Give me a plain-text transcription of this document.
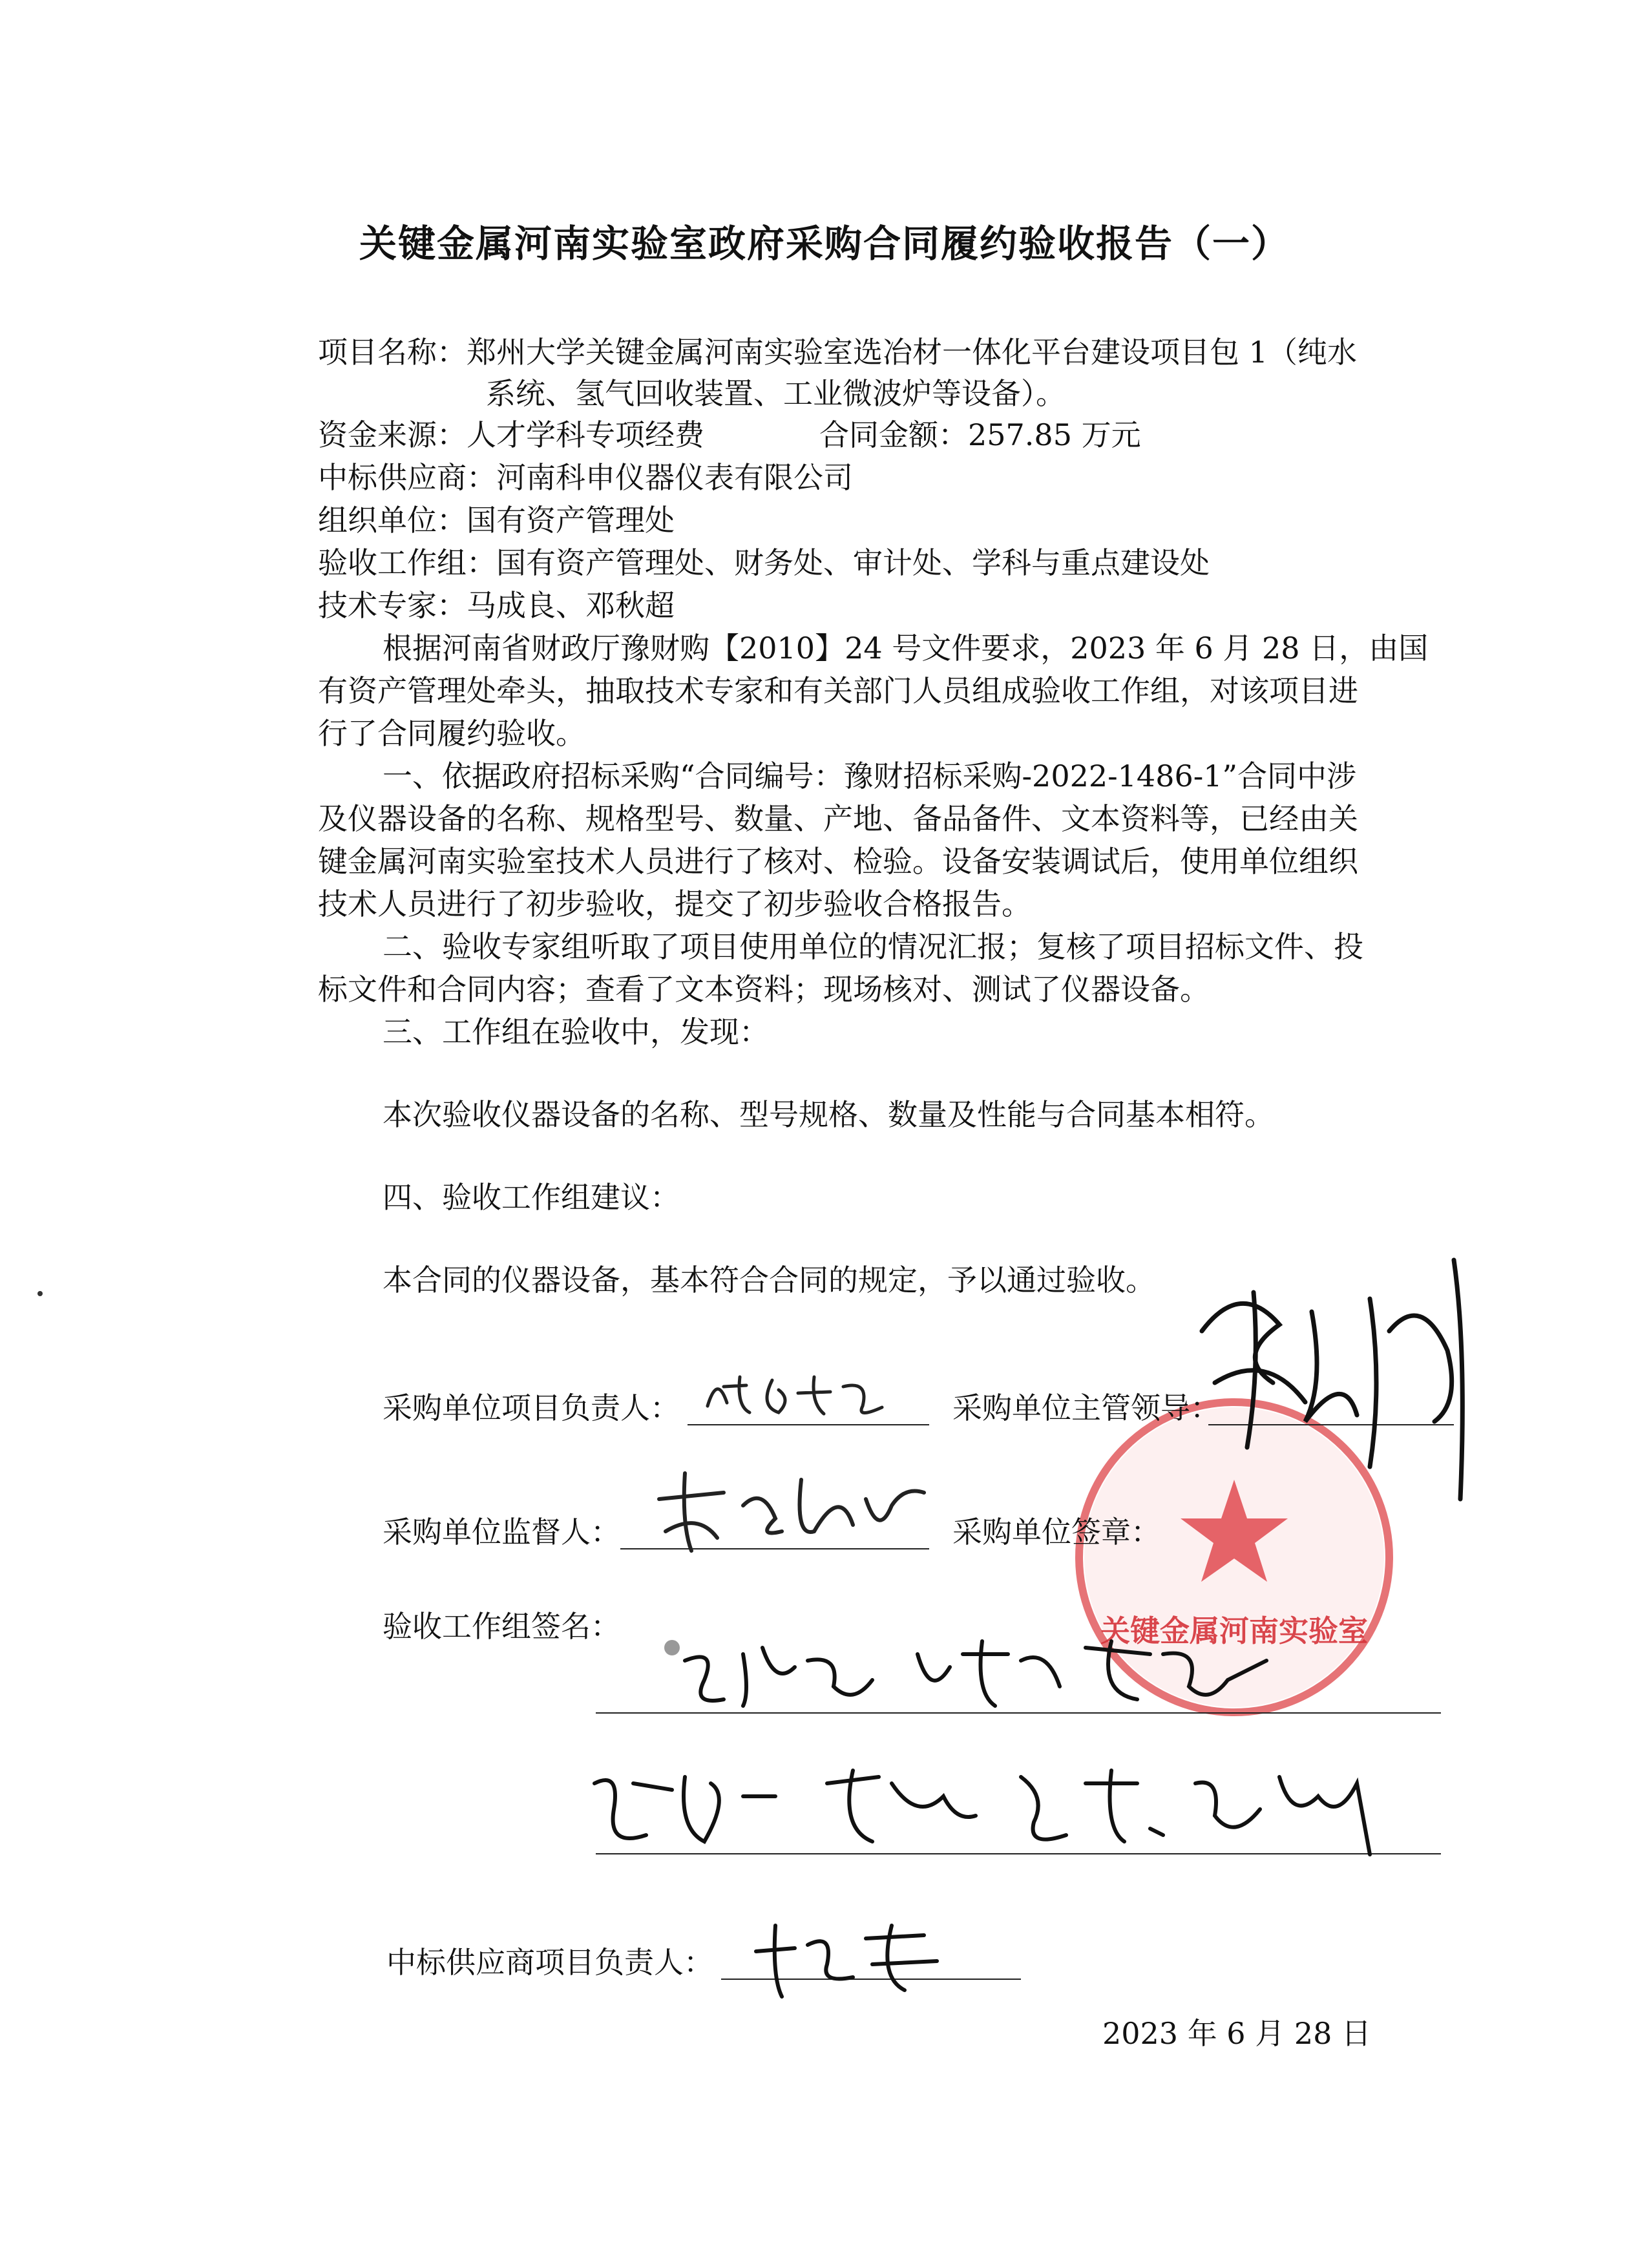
关键金属河南实验室政府采购合同履约验收报告（一）
项目名称：郑州大学关键金属河南实验室选冶材一体化平台建设项目包 1（纯水
系统、氢气回收装置、工业微波炉等设备）。
资金来源：人才学科专项经费	合同金额：257.85 万元
中标供应商：河南科申仪器仪表有限公司
组织单位：国有资产管理处
验收工作组：国有资产管理处、财务处、审计处、学科与重点建设处
技术专家：马成良、邓秋超
根据河南省财政厅豫财购【2010】24 号文件要求，2023 年 6 月 28 日，由国
有资产管理处牵头，抽取技术专家和有关部门人员组成验收工作组，对该项目进
行了合同履约验收。
一、依据政府招标采购“合同编号：豫财招标采购-2022-1486-1”合同中涉
及仪器设备的名称、规格型号、数量、产地、备品备件、文本资料等，已经由关
键金属河南实验室技术人员进行了核对、检验。设备安装调试后，使用单位组织
技术人员进行了初步验收，提交了初步验收合格报告。
二、验收专家组听取了项目使用单位的情况汇报；复核了项目招标文件、投
标文件和合同内容；查看了文本资料；现场核对、测试了仪器设备。
三、工作组在验收中，发现：
本次验收仪器设备的名称、型号规格、数量及性能与合同基本相符。
四、验收工作组建议：
本合同的仪器设备，基本符合合同的规定，予以通过验收。
关键金属河南实验室
采购单位项目负责人：	采购单位主管领导：
采购单位监督人：	采购单位签章：
验收工作组签名：
中标供应商项目负责人：
2023 年 6 月 28 日
